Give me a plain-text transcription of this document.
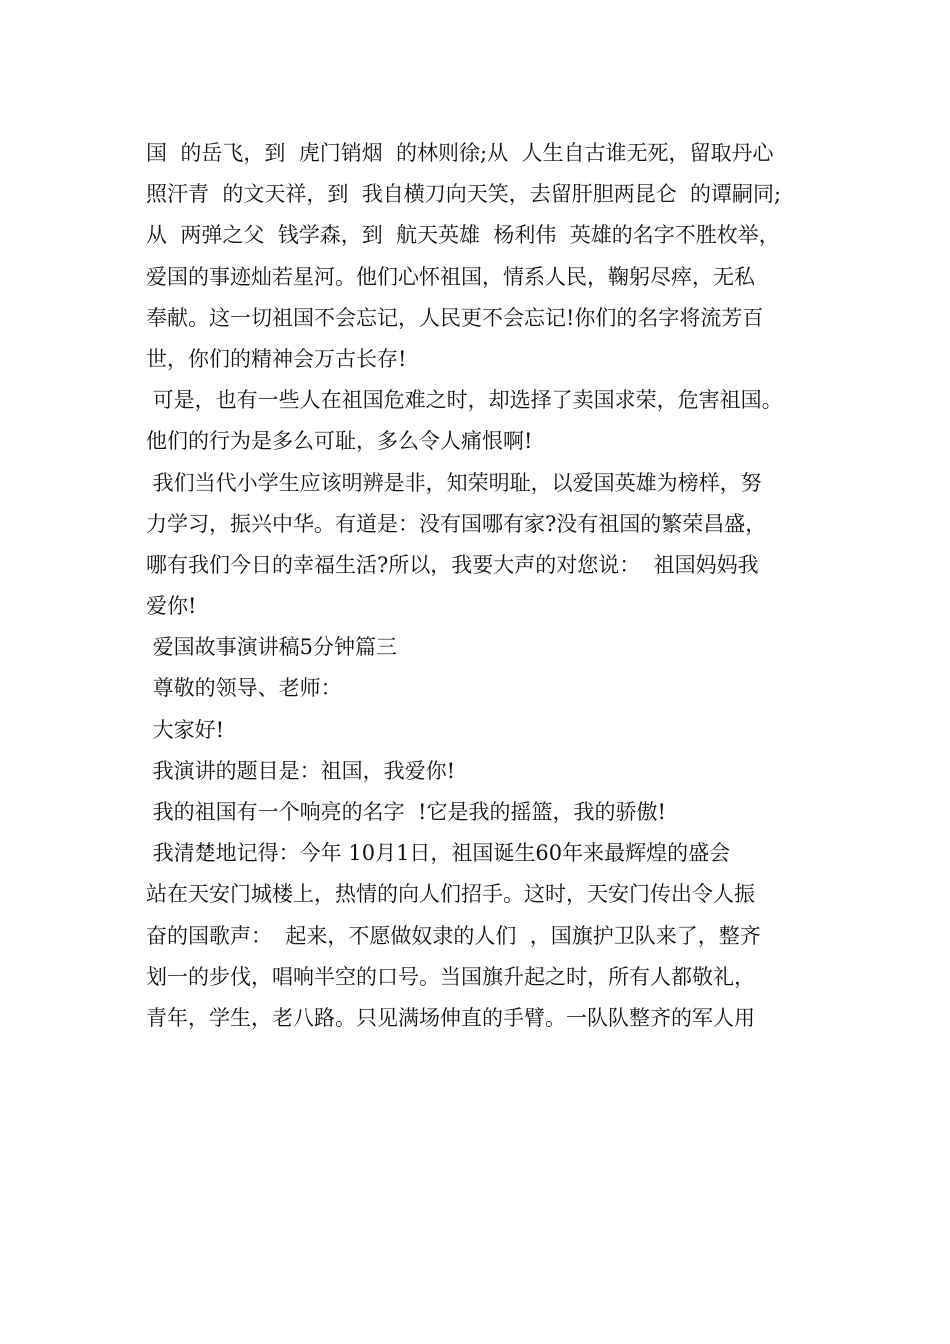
国  的岳飞，到  虎门销烟  的林则徐;从  人生自古谁无死，留取丹心
照汗青  的文天祥，到  我自横刀向天笑，去留肝胆两昆仑  的谭嗣同;
从  两弹之父  钱学森，到  航天英雄  杨利伟  英雄的名字不胜枚举，
爱国的事迹灿若星河。他们心怀祖国，情系人民，鞠躬尽瘁，无私
奉献。这一切祖国不会忘记，人民更不会忘记!你们的名字将流芳百
世，你们的精神会万古长存!
可是，也有一些人在祖国危难之时，却选择了卖国求荣，危害祖国。
他们的行为是多么可耻，多么令人痛恨啊!
我们当代小学生应该明辨是非，知荣明耻，以爱国英雄为榜样，努
力学习，振兴中华。有道是：没有国哪有家?没有祖国的繁荣昌盛，
哪有我们今日的幸福生活?所以，我要大声的对您说：  祖国妈妈我
爱你!
爱国故事演讲稿5分钟篇三
尊敬的领导、老师：
大家好!
我演讲的题目是：祖国，我爱你!
我的祖国有一个响亮的名字  !它是我的摇篮，我的骄傲!
我清楚地记得：今年 10月1日，祖国诞生60年来最辉煌的盛会
站在天安门城楼上，热情的向人们招手。这时，天安门传出令人振
奋的国歌声：  起来，不愿做奴隶的人们  ，国旗护卫队来了，整齐
划一的步伐，唱响半空的口号。当国旗升起之时，所有人都敬礼，
青年，学生，老八路。只见满场伸直的手臂。一队队整齐的军人用
